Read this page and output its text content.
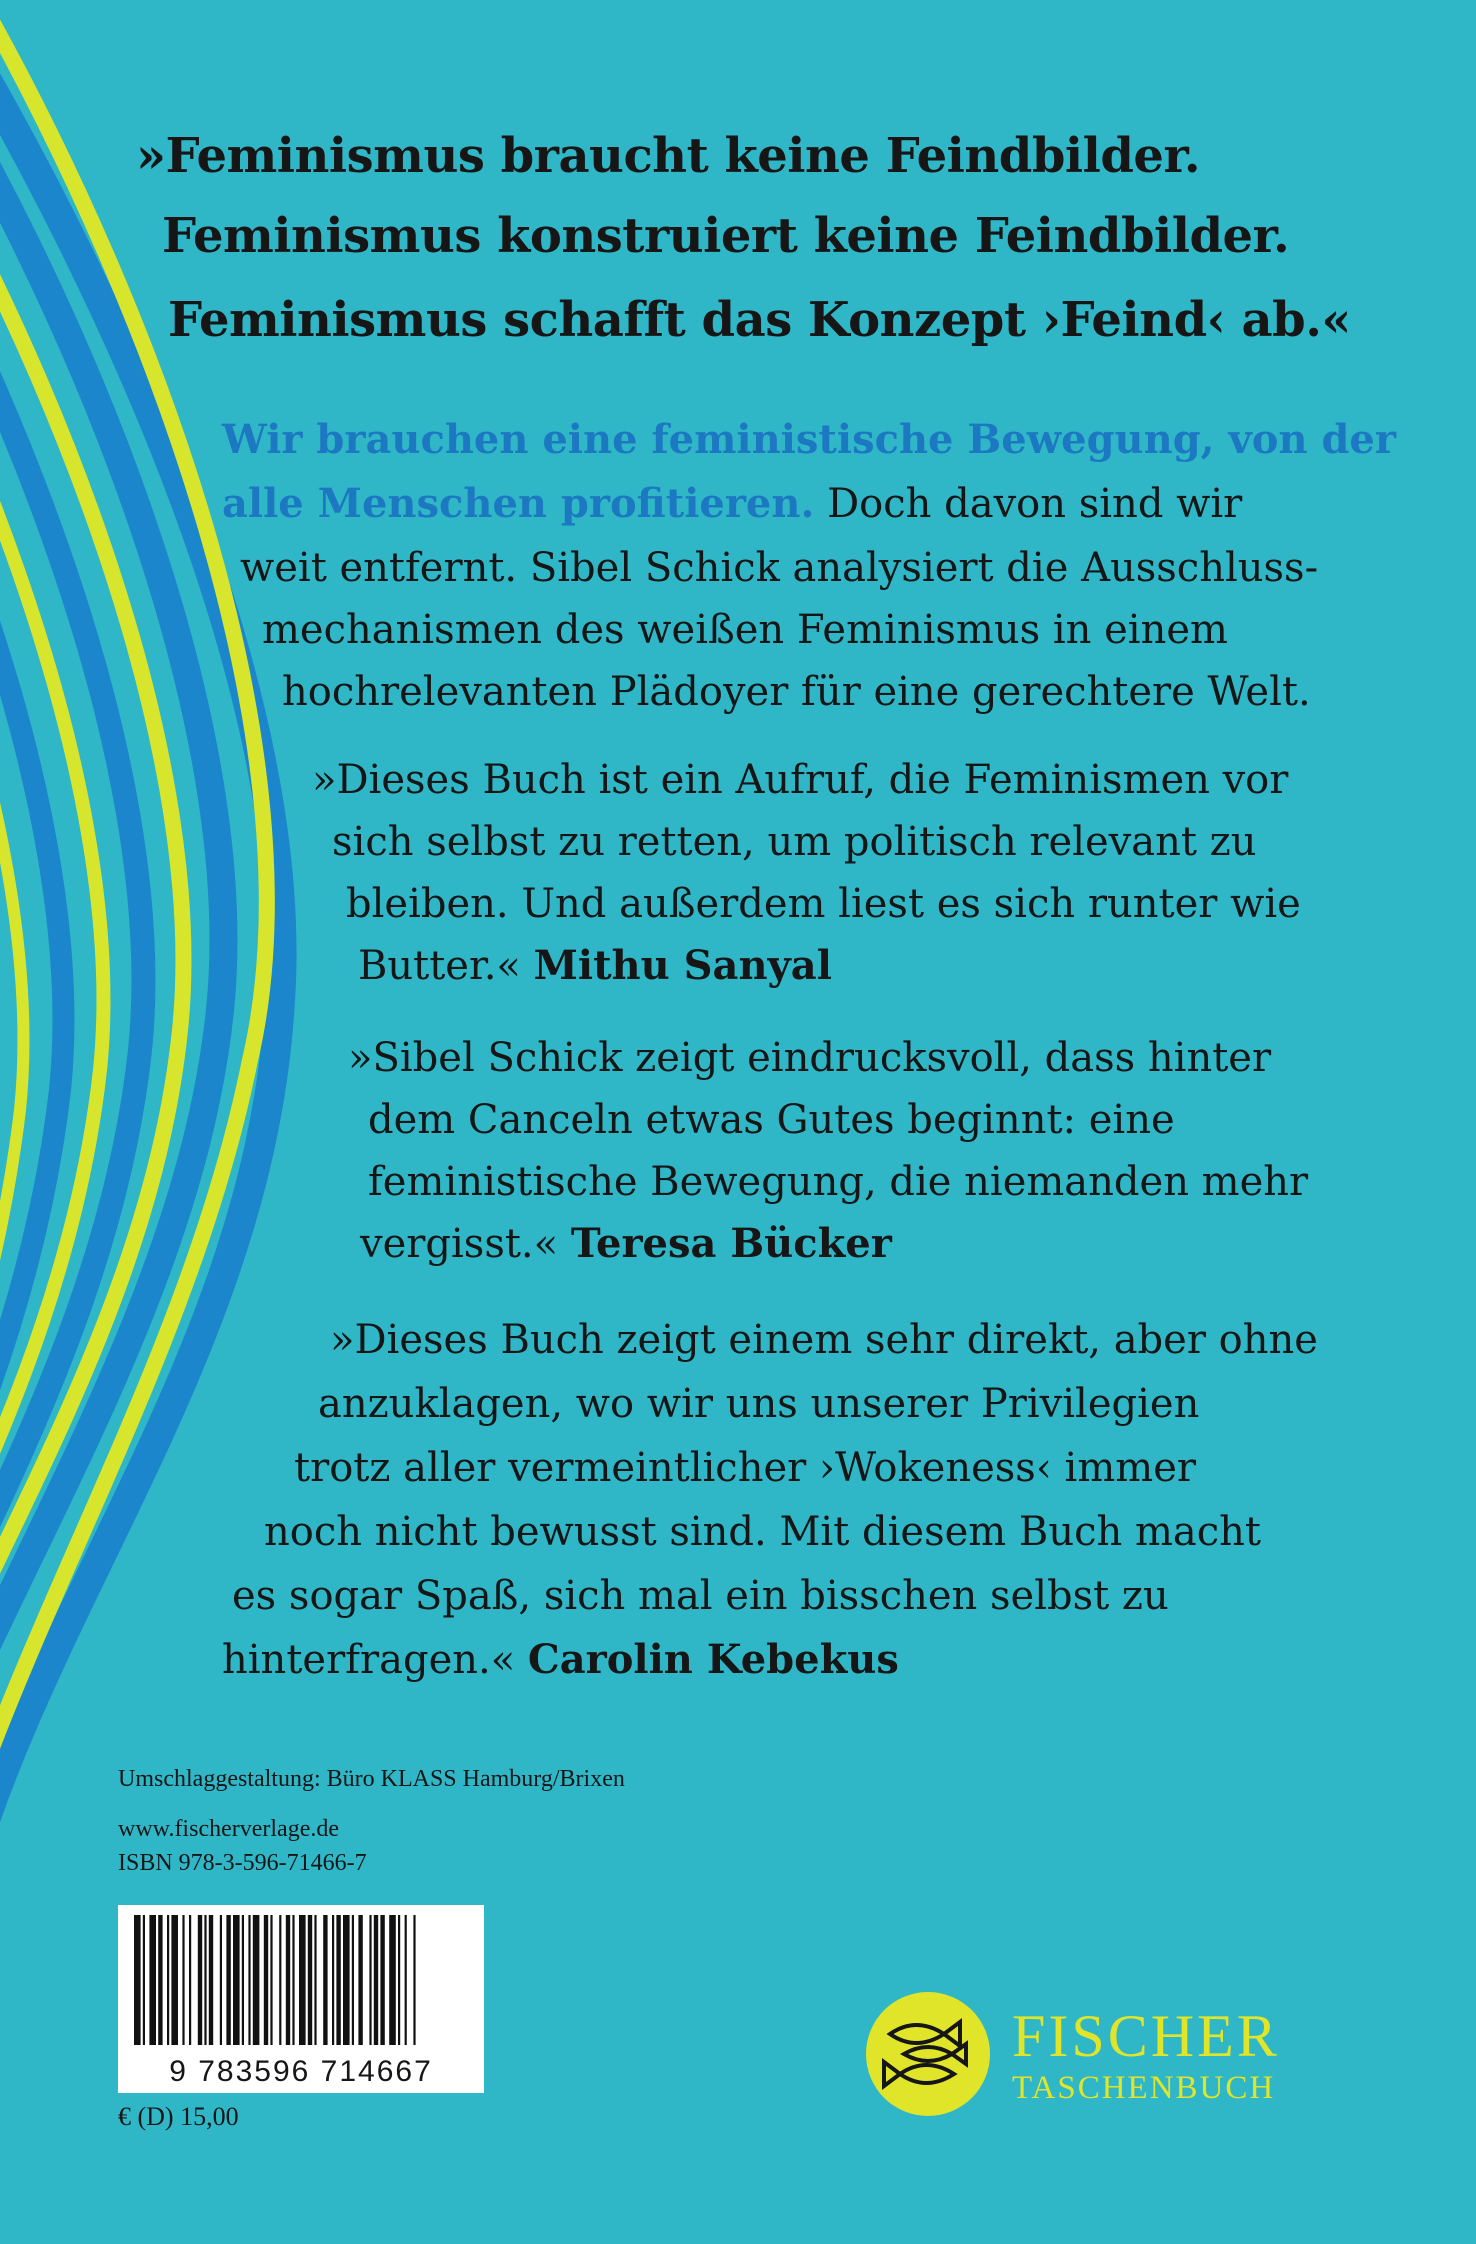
»Feminismus braucht keine Feindbilder.
Feminismus konstruiert keine Feindbilder.
Feminismus schafft das Konzept ›Feind‹ ab.«
Wir brauchen eine feministische Bewegung, von der
alle Menschen profitieren. Doch davon sind wir
weit entfernt. Sibel Schick analysiert die Ausschluss-
mechanismen des weißen Feminismus in einem
hochrelevanten Plädoyer für eine gerechtere Welt.
»Dieses Buch ist ein Aufruf, die Feminismen vor
sich selbst zu retten, um politisch relevant zu
bleiben. Und außerdem liest es sich runter wie
Butter.« Mithu Sanyal
»Sibel Schick zeigt eindrucksvoll, dass hinter
dem Canceln etwas Gutes beginnt: eine
feministische Bewegung, die niemanden mehr
vergisst.« Teresa Bücker
»Dieses Buch zeigt einem sehr direkt, aber ohne
anzuklagen, wo wir uns unserer Privilegien
trotz aller vermeintlicher ›Wokeness‹ immer
noch nicht bewusst sind. Mit diesem Buch macht
es sogar Spaß, sich mal ein bisschen selbst zu
hinterfragen.« Carolin Kebekus
Umschlaggestaltung: Büro KLASS Hamburg/Brixen
www.fischerverlage.de
ISBN 978-3-596-71466-7
9 783596 714667
€ (D) 15,00
FISCHER
TASCHENBUCH
